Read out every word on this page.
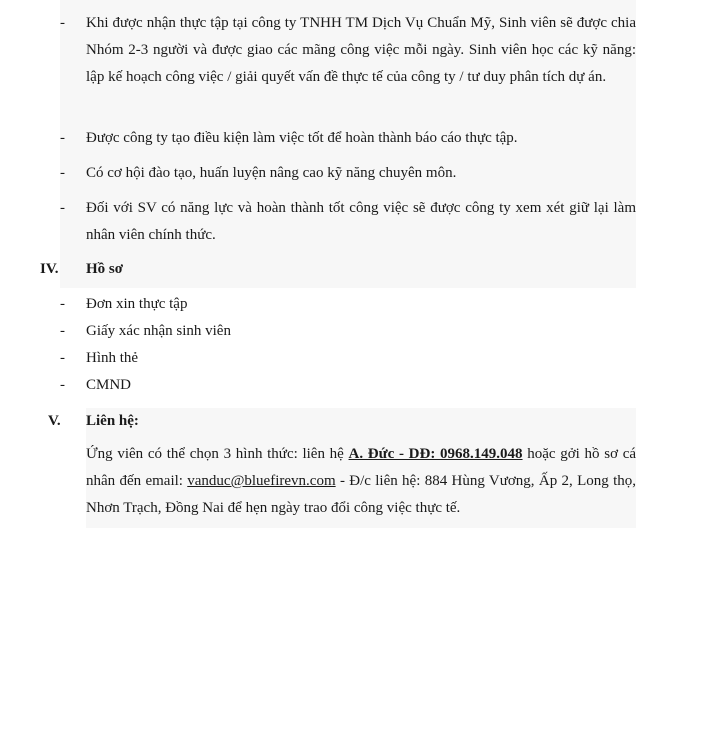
-	Khi được nhận thực tập tại công ty TNHH TM Dịch Vụ Chuẩn Mỹ, Sinh viên sẽ được chia Nhóm 2-3 người và được giao các mãng công việc mỗi ngày. Sinh viên học các kỹ năng: lập kế hoạch công việc / giải quyết vấn đề thực tế của công ty / tư duy phân tích dự án.
-	Được công ty tạo điều kiện làm việc tốt để hoàn thành báo cáo thực tập.
-	Có cơ hội đào tạo, huấn luyện nâng cao kỹ năng chuyên môn.
-	Đối với SV có năng lực và hoàn thành tốt công việc sẽ được công ty xem xét giữ lại làm nhân viên chính thức.
IV.	Hồ sơ
-	Đơn xin thực tập
-	Giấy xác nhận sinh viên
-	Hình thẻ
-	CMND
V.	Liên hệ:
Ứng viên có thể chọn 3 hình thức: liên hệ A. Đức - DĐ: 0968.149.048 hoặc gởi hồ sơ cá nhân đến email: vanduc@bluefirevn.com - Đ/c liên hệ: 884 Hùng Vương, Ấp 2, Long thọ, Nhơn Trạch, Đồng Nai để hẹn ngày trao đổi công việc thực tế.
